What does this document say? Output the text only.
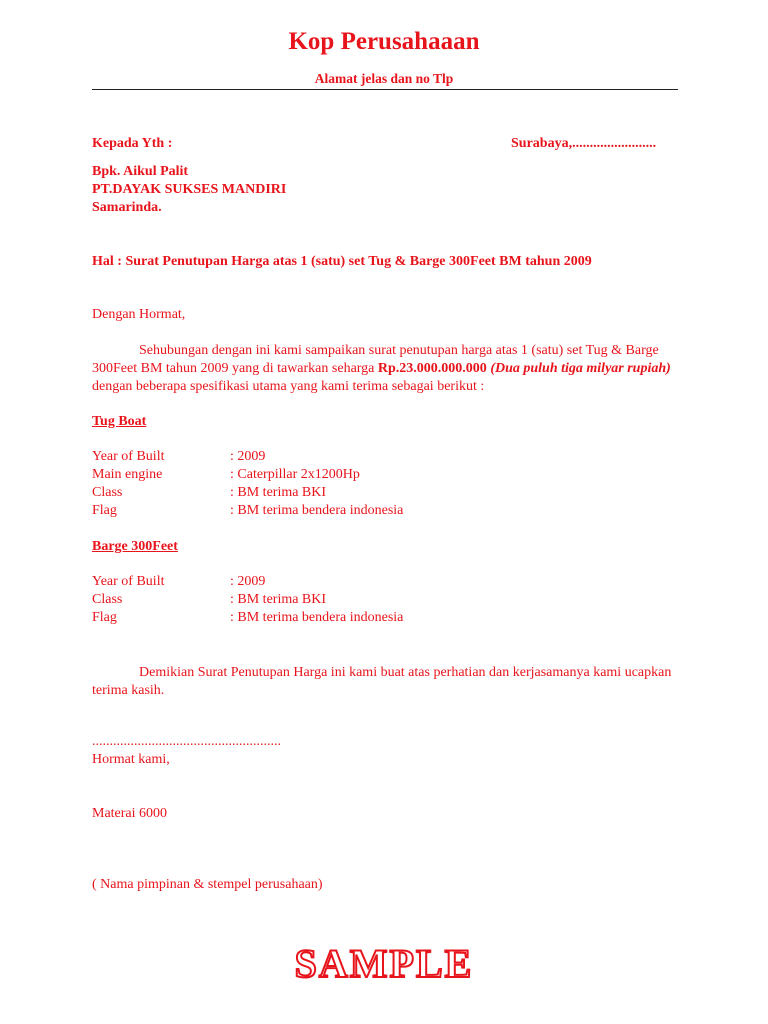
Kop Perusahaaan
Alamat jelas dan no Tlp
Kepada Yth :	Surabaya,........................
Bpk. Aikul Palit
PT.DAYAK SUKSES MANDIRI
Samarinda.
Hal : Surat Penutupan Harga atas 1 (satu) set Tug & Barge 300Feet BM tahun 2009
Dengan Hormat,
Sehubungan dengan ini kami sampaikan surat penutupan harga atas 1 (satu) set Tug & Barge 300Feet BM tahun 2009 yang di tawarkan seharga Rp.23.000.000.000 (Dua puluh tiga milyar rupiah) dengan beberapa spesifikasi utama yang kami terima sebagai berikut :
Tug Boat
Year of Built	: 2009
Main engine	: Caterpillar 2x1200Hp
Class	: BM terima BKI
Flag	: BM terima bendera indonesia
Barge 300Feet
Year of Built	: 2009
Class	: BM terima BKI
Flag	: BM terima bendera indonesia
Demikian Surat Penutupan Harga ini kami buat atas perhatian dan kerjasamanya kami ucapkan terima kasih.
......................................................
Hormat kami,
Materai 6000
( Nama pimpinan & stempel perusahaan)
SAMPLE
